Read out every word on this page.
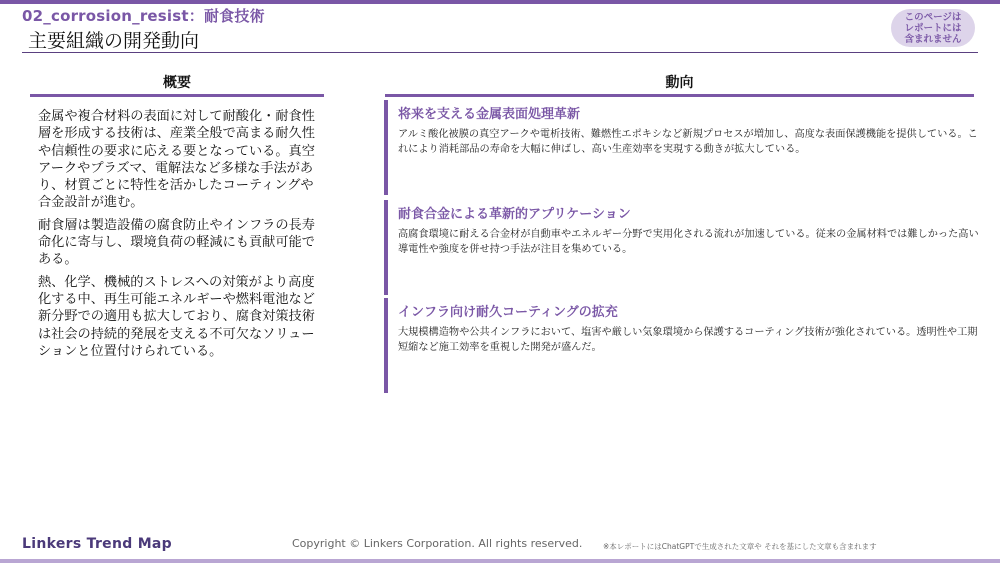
02_corrosion_resist：耐食技術
主要組織の開発動向
このページは
レポートには
含まれません
概要	動向

金属や複合材料の表面に対して耐酸化・耐食性層を形成する技術は、産業全般で高まる耐久性や信頼性の要求に応える要となっている。真空アークやプラズマ、電解法など多様な手法があり、材質ごとに特性を活かしたコーティングや合金設計が進む。

耐食層は製造設備の腐食防止やインフラの長寿命化に寄与し、環境負荷の軽減にも貢献可能である。

熱、化学、機械的ストレスへの対策がより高度化する中、再生可能エネルギーや燃料電池など新分野での適用も拡大しており、腐食対策技術は社会の持続的発展を支える不可欠なソリューションと位置付けられている。

将来を支える金属表面処理革新
アルミ酸化被膜の真空アークや電析技術、難燃性エポキシなど新規プロセスが増加し、高度な表面保護機能を提供している。これにより消耗部品の寿命を大幅に伸ばし、高い生産効率を実現する動きが拡大している。
耐食合金による革新的アプリケーション
高腐食環境に耐える合金材が自動車やエネルギー分野で実用化される流れが加速している。従来の金属材料では難しかった高い導電性や強度を併せ持つ手法が注目を集めている。
インフラ向け耐久コーティングの拡充
大規模構造物や公共インフラにおいて、塩害や厳しい気象環境から保護するコーティング技術が強化されている。透明性や工期短縮など施工効率を重視した開発が盛んだ。
Linkers Trend Map	Copyright © Linkers Corporation. All rights reserved.	※本レポートにはChatGPTで生成された文章や それを基にした文章も含まれます
